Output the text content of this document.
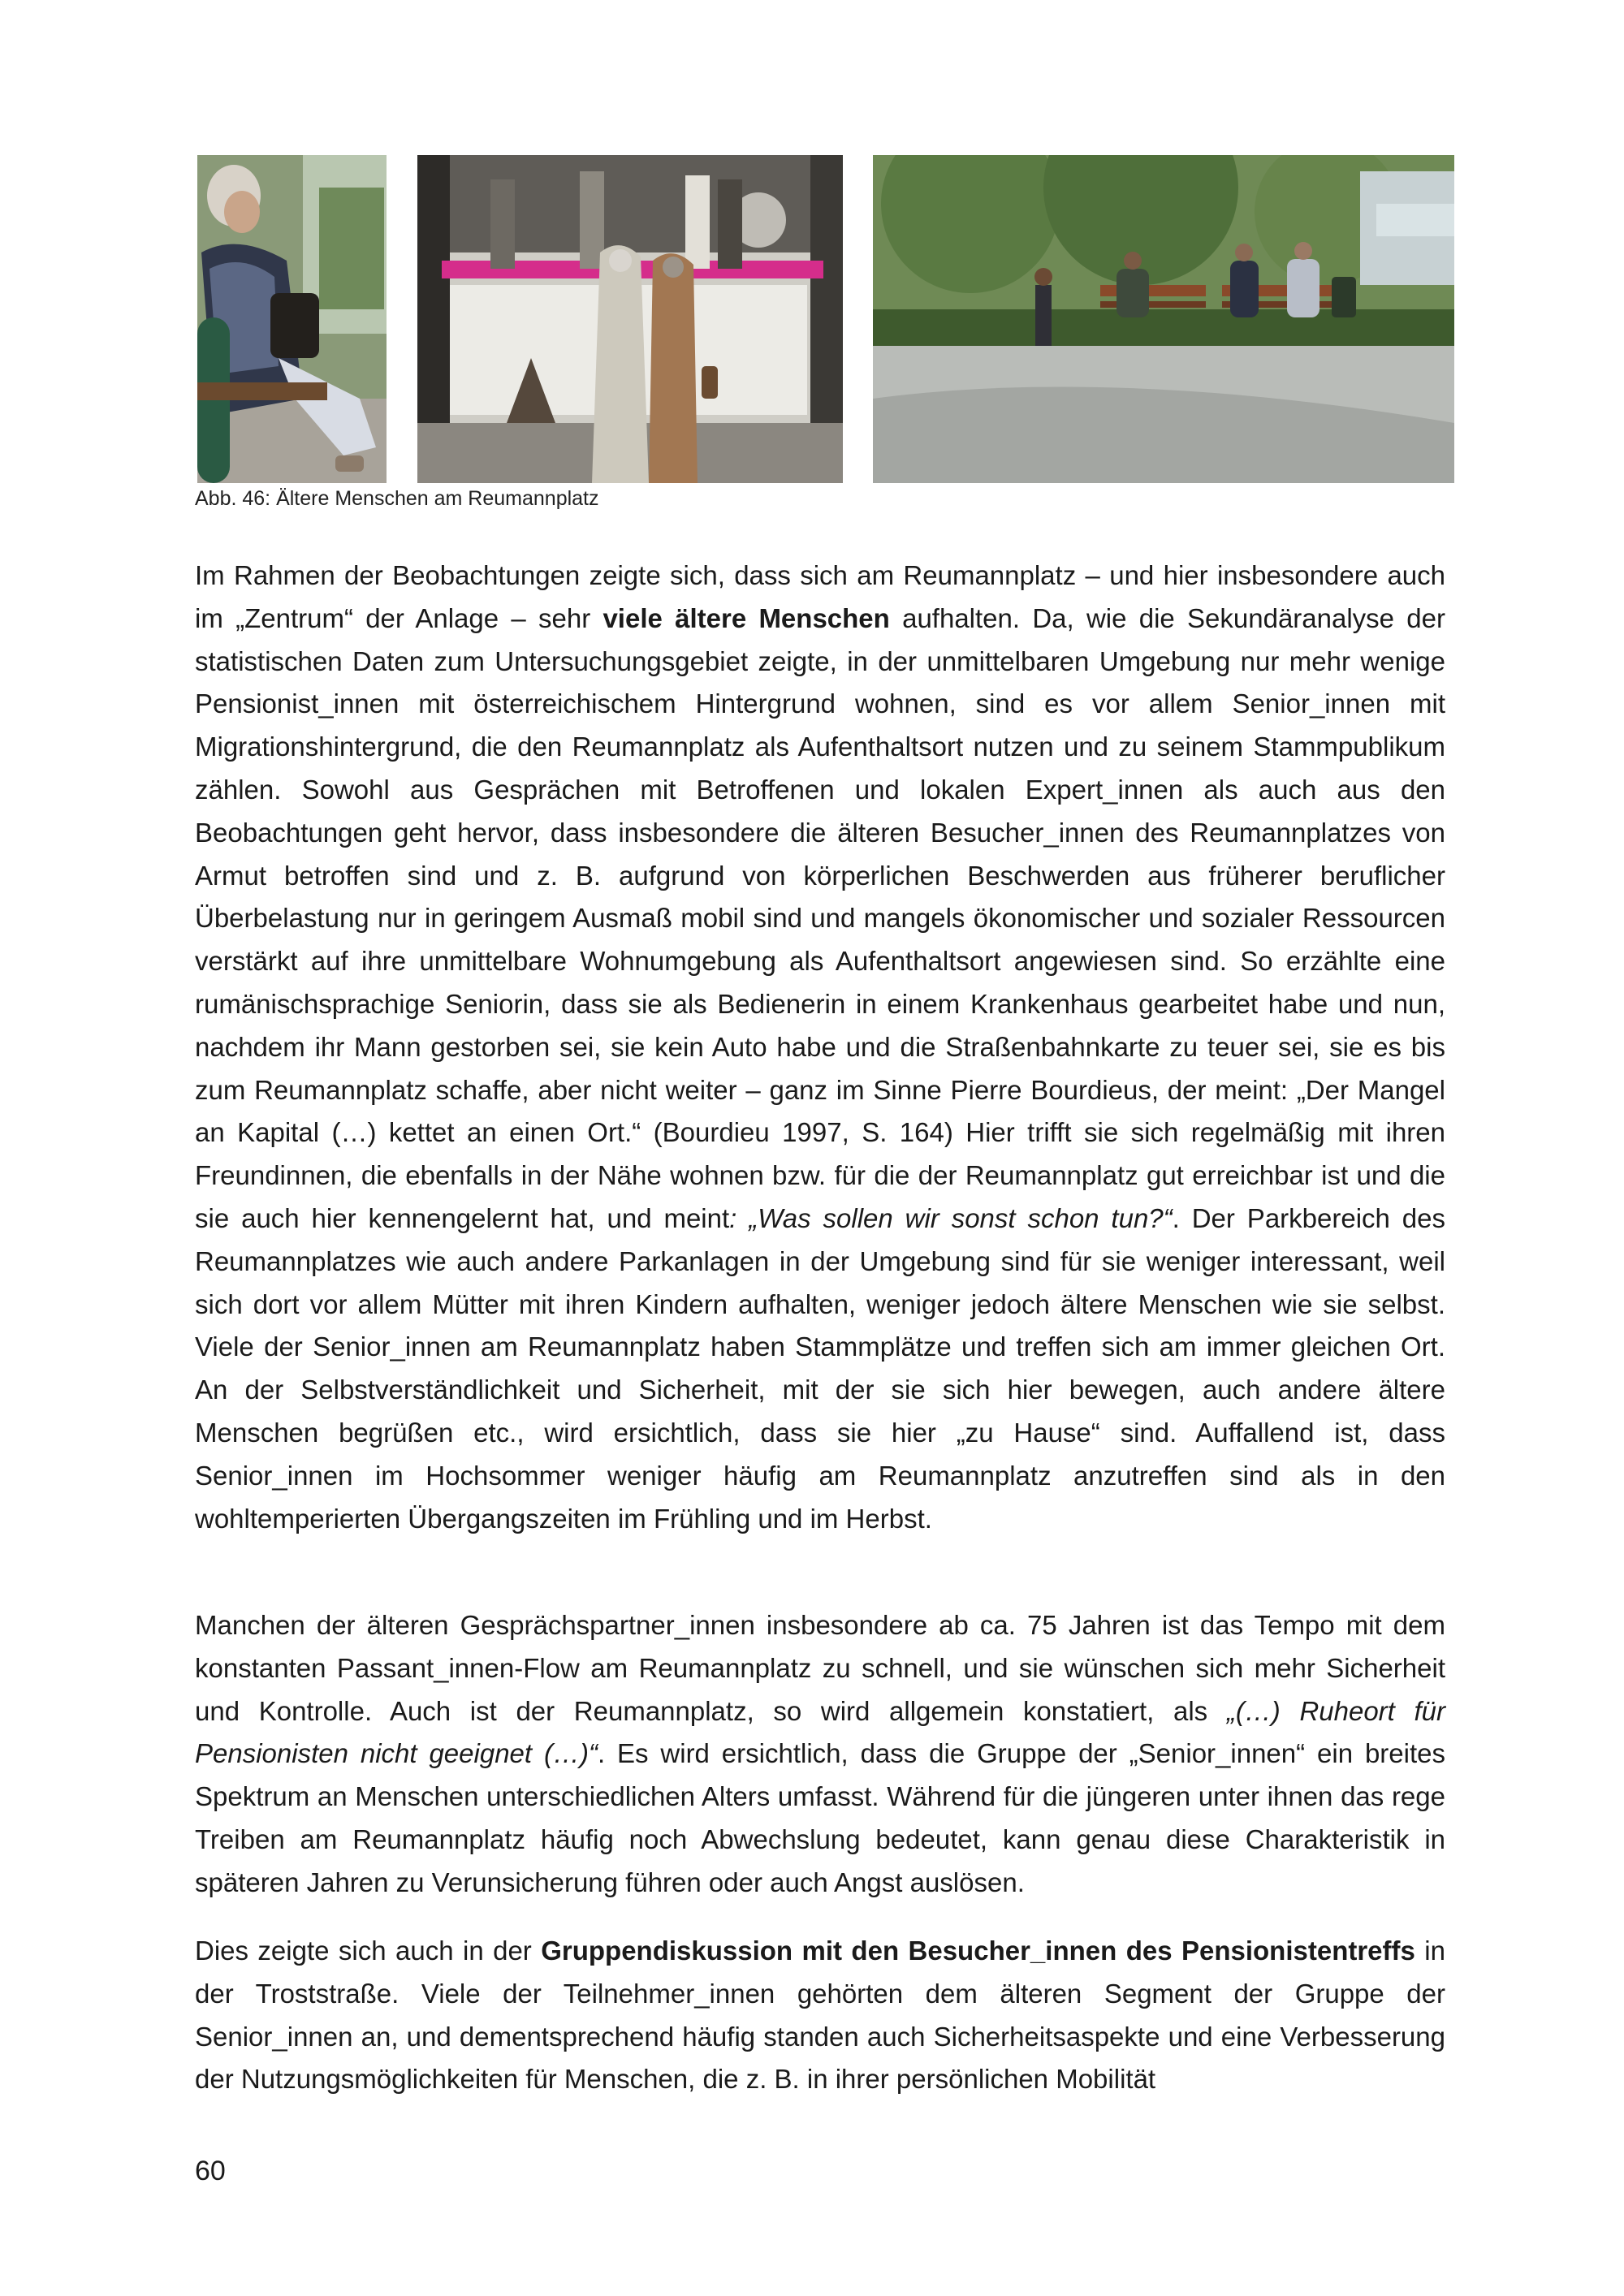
Abb. 46: Ältere Menschen am Reumannplatz

Im Rahmen der Beobachtungen zeigte sich, dass sich am Reumannplatz – und hier insbesondere auch im „Zentrum“ der Anlage – sehr viele ältere Menschen aufhalten. Da, wie die Sekundäranalyse der statistischen Daten zum Untersuchungsgebiet zeigte, in der unmittelbaren Umgebung nur mehr wenige Pensionist_innen mit österreichischem Hintergrund wohnen, sind es vor allem Senior_innen mit Migrationshintergrund, die den Reumannplatz als Aufenthaltsort nutzen und zu seinem Stammpublikum zählen. Sowohl aus Gesprächen mit Betroffenen und lokalen Expert_innen als auch aus den Beobachtungen geht hervor, dass insbesondere die älteren Besucher_innen des Reumannplatzes von Armut betroffen sind und z. B. aufgrund von körperlichen Beschwerden aus früherer beruflicher Überbelastung nur in geringem Ausmaß mobil sind und mangels ökonomischer und sozialer Ressourcen verstärkt auf ihre unmittelbare Wohnumgebung als Aufenthaltsort angewiesen sind. So erzählte eine rumänischsprachige Seniorin, dass sie als Bedienerin in einem Krankenhaus gearbeitet habe und nun, nachdem ihr Mann gestorben sei, sie kein Auto habe und die Straßenbahnkarte zu teuer sei, sie es bis zum Reumannplatz schaffe, aber nicht weiter – ganz im Sinne Pierre Bourdieus, der meint: „Der Mangel an Kapital (…) kettet an einen Ort.“ (Bourdieu 1997, S. 164) Hier trifft sie sich regelmäßig mit ihren Freundinnen, die ebenfalls in der Nähe wohnen bzw. für die der Reumannplatz gut erreichbar ist und die sie auch hier kennengelernt hat, und meint: „Was sollen wir sonst schon tun?“. Der Parkbereich des Reumannplatzes wie auch andere Parkanlagen in der Umgebung sind für sie weniger interessant, weil sich dort vor allem Mütter mit ihren Kindern aufhalten, weniger jedoch ältere Menschen wie sie selbst. Viele der Senior_innen am Reumannplatz haben Stammplätze und treffen sich am immer gleichen Ort. An der Selbstverständlichkeit und Sicherheit, mit der sie sich hier bewegen, auch andere ältere Menschen begrüßen etc., wird ersichtlich, dass sie hier „zu Hause“ sind. Auffallend ist, dass Senior_innen im Hochsommer weniger häufig am Reumannplatz anzutreffen sind als in den wohltemperierten Übergangszeiten im Frühling und im Herbst.

Manchen der älteren Gesprächspartner_innen insbesondere ab ca. 75 Jahren ist das Tempo mit dem konstanten Passant_innen-Flow am Reumannplatz zu schnell, und sie wünschen sich mehr Sicherheit und Kontrolle. Auch ist der Reumannplatz, so wird allgemein konstatiert, als „(…) Ruheort für Pensionisten nicht geeignet (…)“. Es wird ersichtlich, dass die Gruppe der „Senior_innen“ ein breites Spektrum an Menschen unterschiedlichen Alters umfasst. Während für die jüngeren unter ihnen das rege Treiben am Reumannplatz häufig noch Abwechslung bedeutet, kann genau diese Charakteristik in späteren Jahren zu Verunsicherung führen oder auch Angst auslösen.

Dies zeigte sich auch in der Gruppendiskussion mit den Besucher_innen des Pensionistentreffs in der Troststraße. Viele der Teilnehmer_innen gehörten dem älteren Segment der Gruppe der Senior_innen an, und dementsprechend häufig standen auch Sicherheitsaspekte und eine Verbesserung der Nutzungsmöglichkeiten für Menschen, die z. B. in ihrer persönlichen Mobilität

60
